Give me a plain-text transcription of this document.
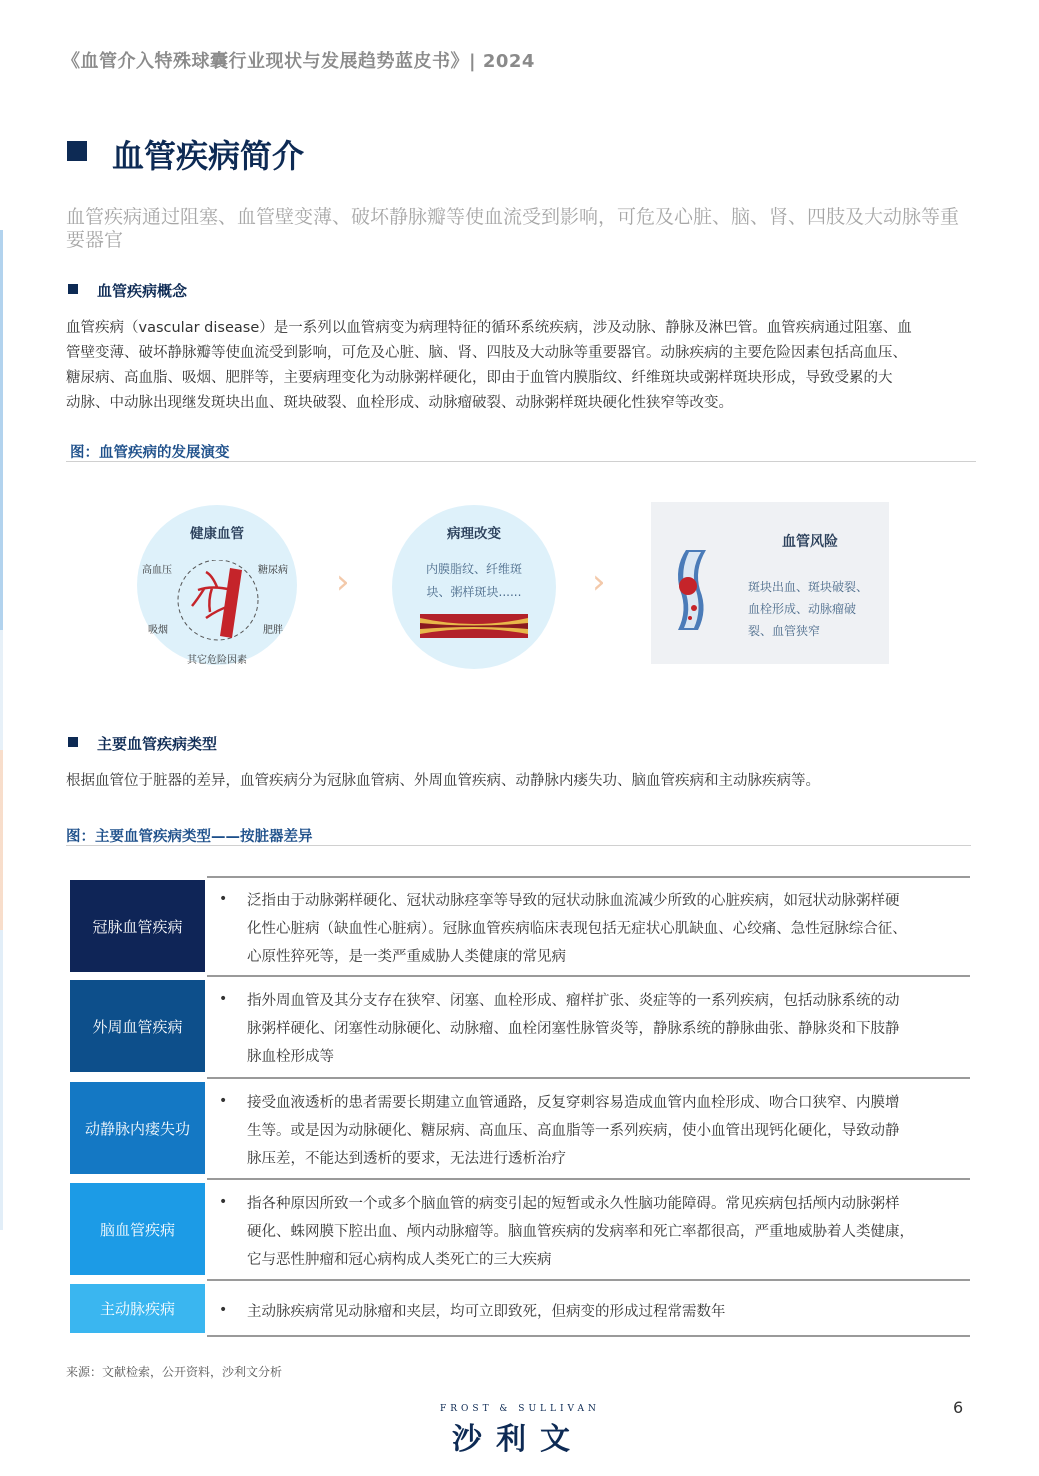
《血管介入特殊球囊行业现状与发展趋势蓝皮书》| 2024
血管疾病简介
血管疾病通过阻塞、血管壁变薄、破坏静脉瓣等使血流受到影响，可危及心脏、脑、肾、四肢及大动脉等重要器官
血管疾病概念
血管疾病（vascular disease）是一系列以血管病变为病理特征的循环系统疾病，涉及动脉、静脉及淋巴管。血管疾病通过阻塞、血
管壁变薄、破坏静脉瓣等使血流受到影响，可危及心脏、脑、肾、四肢及大动脉等重要器官。动脉疾病的主要危险因素包括高血压、
糖尿病、高血脂、吸烟、肥胖等，主要病理变化为动脉粥样硬化，即由于血管内膜脂纹、纤维斑块或粥样斑块形成，导致受累的大
动脉、中动脉出现继发斑块出血、斑块破裂、血栓形成、动脉瘤破裂、动脉粥样斑块硬化性狭窄等改变。
图：血管疾病的发展演变
健康血管
高血压	糖尿病
吸烟	肥胖
其它危险因素
›
病理改变
内膜脂纹、纤维斑
块、粥样斑块......	›
血管风险
斑块出血、斑块破裂、
血栓形成、动脉瘤破
裂、血管狭窄
主要血管疾病类型
根据血管位于脏器的差异，血管疾病分为冠脉血管病、外周血管疾病、动静脉内瘘失功、脑血管疾病和主动脉疾病等。
图：主要血管疾病类型——按脏器差异
冠脉血管疾病
• 泛指由于动脉粥样硬化、冠状动脉痉挛等导致的冠状动脉血流减少所致的心脏疾病，如冠状动脉粥样硬
化性心脏病（缺血性心脏病）。冠脉血管疾病临床表现包括无症状心肌缺血、心绞痛、急性冠脉综合征、
心原性猝死等，是一类严重威胁人类健康的常见病
外周血管疾病
• 指外周血管及其分支存在狭窄、闭塞、血栓形成、瘤样扩张、炎症等的一系列疾病，包括动脉系统的动
脉粥样硬化、闭塞性动脉硬化、动脉瘤、血栓闭塞性脉管炎等，静脉系统的静脉曲张、静脉炎和下肢静
脉血栓形成等
动静脉内瘘失功
• 接受血液透析的患者需要长期建立血管通路，反复穿刺容易造成血管内血栓形成、吻合口狭窄、内膜增
生等。或是因为动脉硬化、糖尿病、高血压、高血脂等一系列疾病，使小血管出现钙化硬化，导致动静
脉压差，不能达到透析的要求，无法进行透析治疗
脑血管疾病
• 指各种原因所致一个或多个脑血管的病变引起的短暂或永久性脑功能障碍。常见疾病包括颅内动脉粥样
硬化、蛛网膜下腔出血、颅内动脉瘤等。脑血管疾病的发病率和死亡率都很高，严重地威胁着人类健康，
它与恶性肿瘤和冠心病构成人类死亡的三大疾病
主动脉疾病	• 主动脉疾病常见动脉瘤和夹层，均可立即致死，但病变的形成过程常需数年
来源：文献检索，公开资料，沙利文分析
FROST & SULLIVAN
沙利文
6
